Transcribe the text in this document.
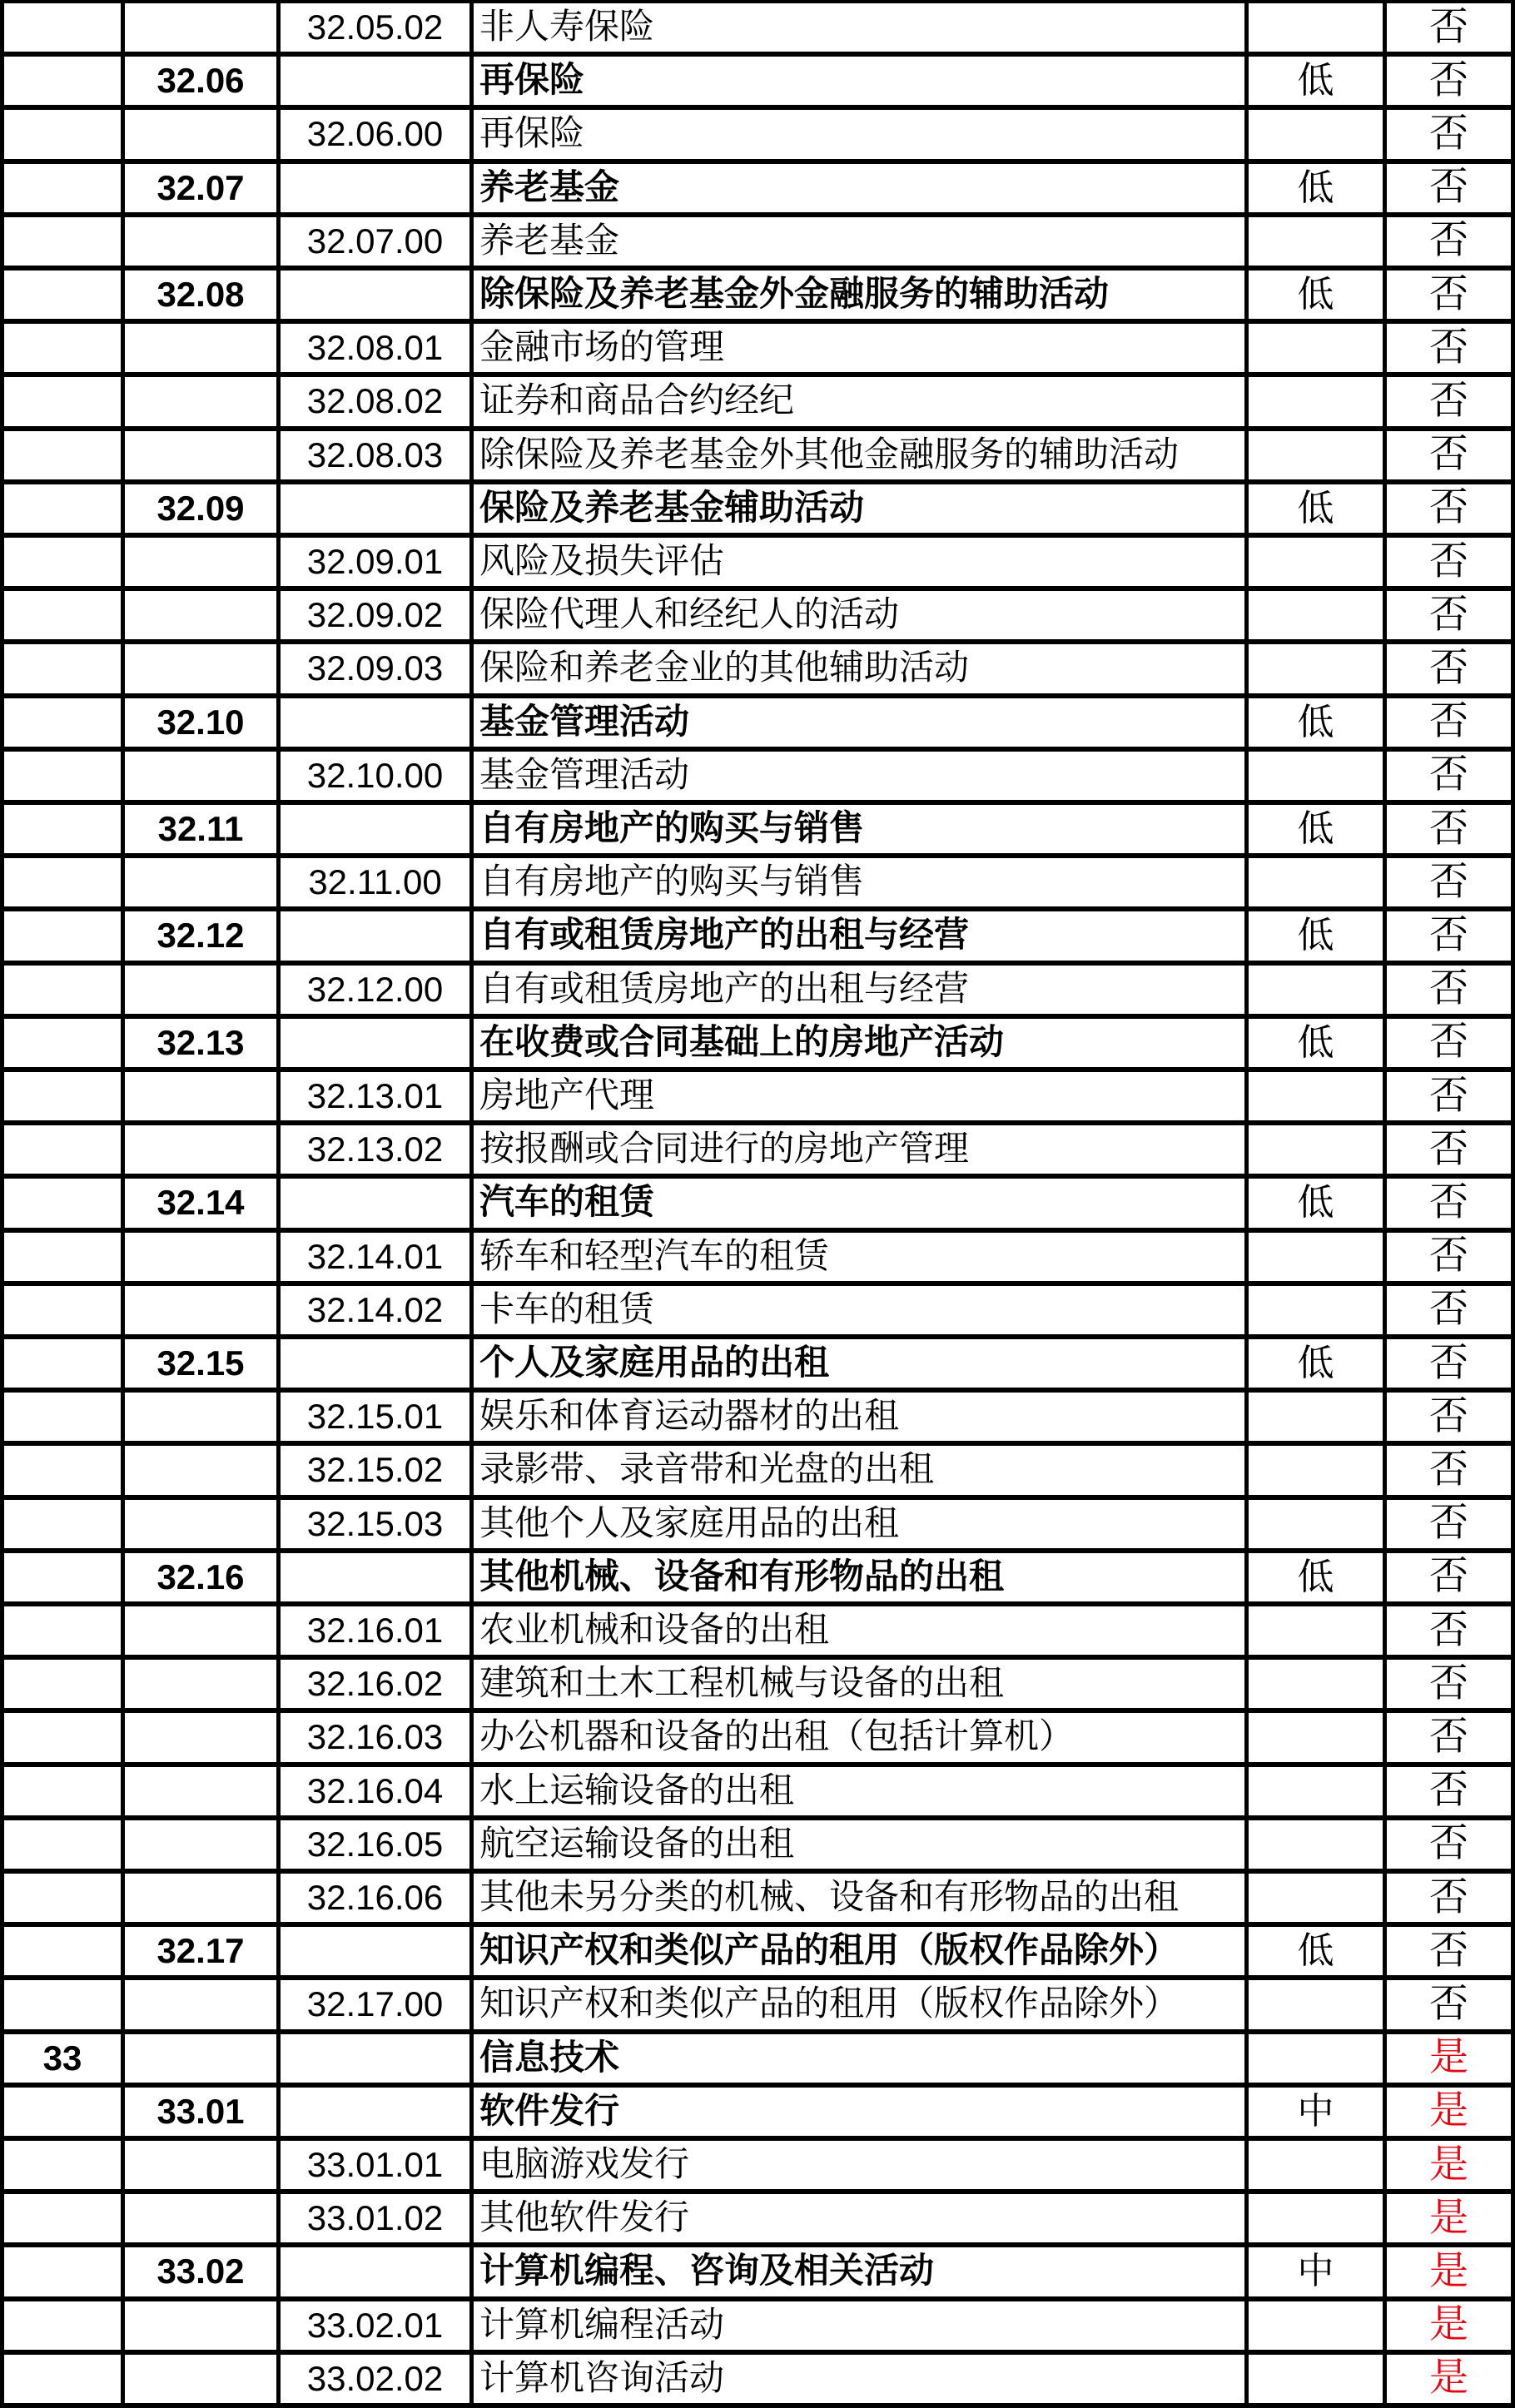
32.05.02	非人寿保险	否
32.06	再保险	低	否
32.06.00	再保险	否
32.07	养老基金	低	否
32.07.00	养老基金	否
32.08	除保险及养老基金外金融服务的辅助活动	低	否
32.08.01	金融市场的管理	否
32.08.02	证券和商品合约经纪	否
32.08.03	除保险及养老基金外其他金融服务的辅助活动	否
32.09	保险及养老基金辅助活动	低	否
32.09.01	风险及损失评估	否
32.09.02	保险代理人和经纪人的活动	否
32.09.03	保险和养老金业的其他辅助活动	否
32.10	基金管理活动	低	否
32.10.00	基金管理活动	否
32.11	自有房地产的购买与销售	低	否
32.11.00	自有房地产的购买与销售	否
32.12	自有或租赁房地产的出租与经营	低	否
32.12.00	自有或租赁房地产的出租与经营	否
32.13	在收费或合同基础上的房地产活动	低	否
32.13.01	房地产代理	否
32.13.02	按报酬或合同进行的房地产管理	否
32.14	汽车的租赁	低	否
32.14.01	轿车和轻型汽车的租赁	否
32.14.02	卡车的租赁	否
32.15	个人及家庭用品的出租	低	否
32.15.01	娱乐和体育运动器材的出租	否
32.15.02	录影带、录音带和光盘的出租	否
32.15.03	其他个人及家庭用品的出租	否
32.16	其他机械、设备和有形物品的出租	低	否
32.16.01	农业机械和设备的出租	否
32.16.02	建筑和土木工程机械与设备的出租	否
32.16.03	办公机器和设备的出租（包括计算机）	否
32.16.04	水上运输设备的出租	否
32.16.05	航空运输设备的出租	否
32.16.06	其他未另分类的机械、设备和有形物品的出租	否
32.17	知识产权和类似产品的租用（版权作品除外）	低	否
32.17.00	知识产权和类似产品的租用（版权作品除外）	否
33	信息技术	是
33.01	软件发行	中	是
33.01.01	电脑游戏发行	是
33.01.02	其他软件发行	是
33.02	计算机编程、咨询及相关活动	中	是
33.02.01	计算机编程活动	是
33.02.02	计算机咨询活动	是
